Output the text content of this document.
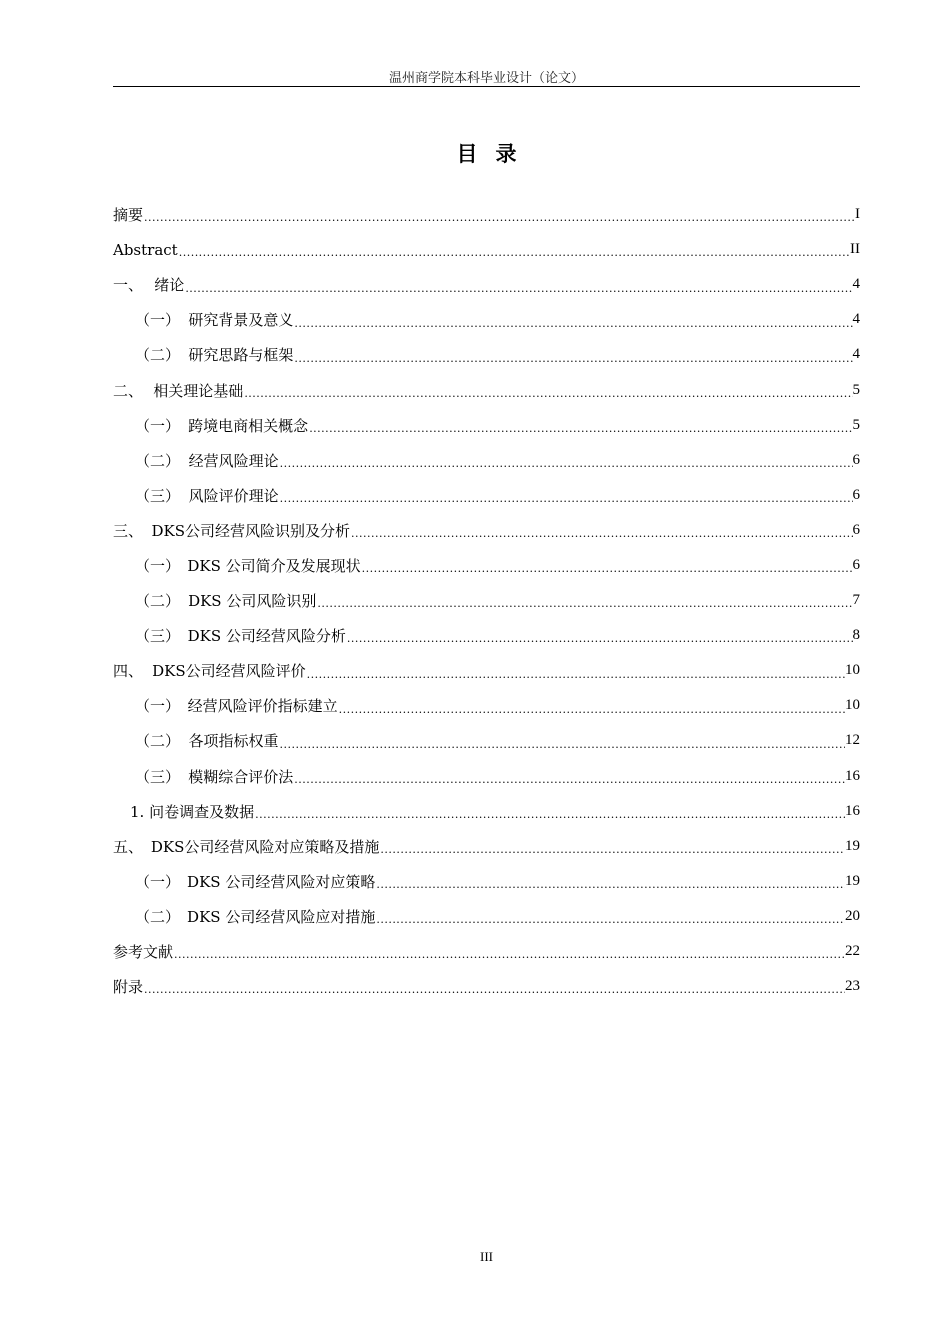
温州商学院本科毕业设计（论文）
目录
摘要 .....	I
Abstract .....	II
一、 绪论 .....	4
（一） 研究背景及意义 .....	4
（二） 研究思路与框架 .....	4
二、 相关理论基础 .....	5
（一） 跨境电商相关概念 .....	5
（二） 经营风险理论 .....	6
（三） 风险评价理论 .....	6
三、 DKS公司经营风险识别及分析 .....	6
（一） DKS 公司简介及发展现状 .....	6
（二） DKS 公司风险识别 .....	7
（三） DKS 公司经营风险分析 .....	8
四、 DKS公司经营风险评价 .....	10
（一） 经营风险评价指标建立 .....	10
（二） 各项指标权重 .....	12
（三） 模糊综合评价法 .....	16
1. 问卷调查及数据 .....	16
五、 DKS公司经营风险对应策略及措施 .....	19
（一） DKS 公司经营风险对应策略 .....	19
（二） DKS 公司经营风险应对措施 .....	20
参考文献 .....	22
附录 .....	23
III
